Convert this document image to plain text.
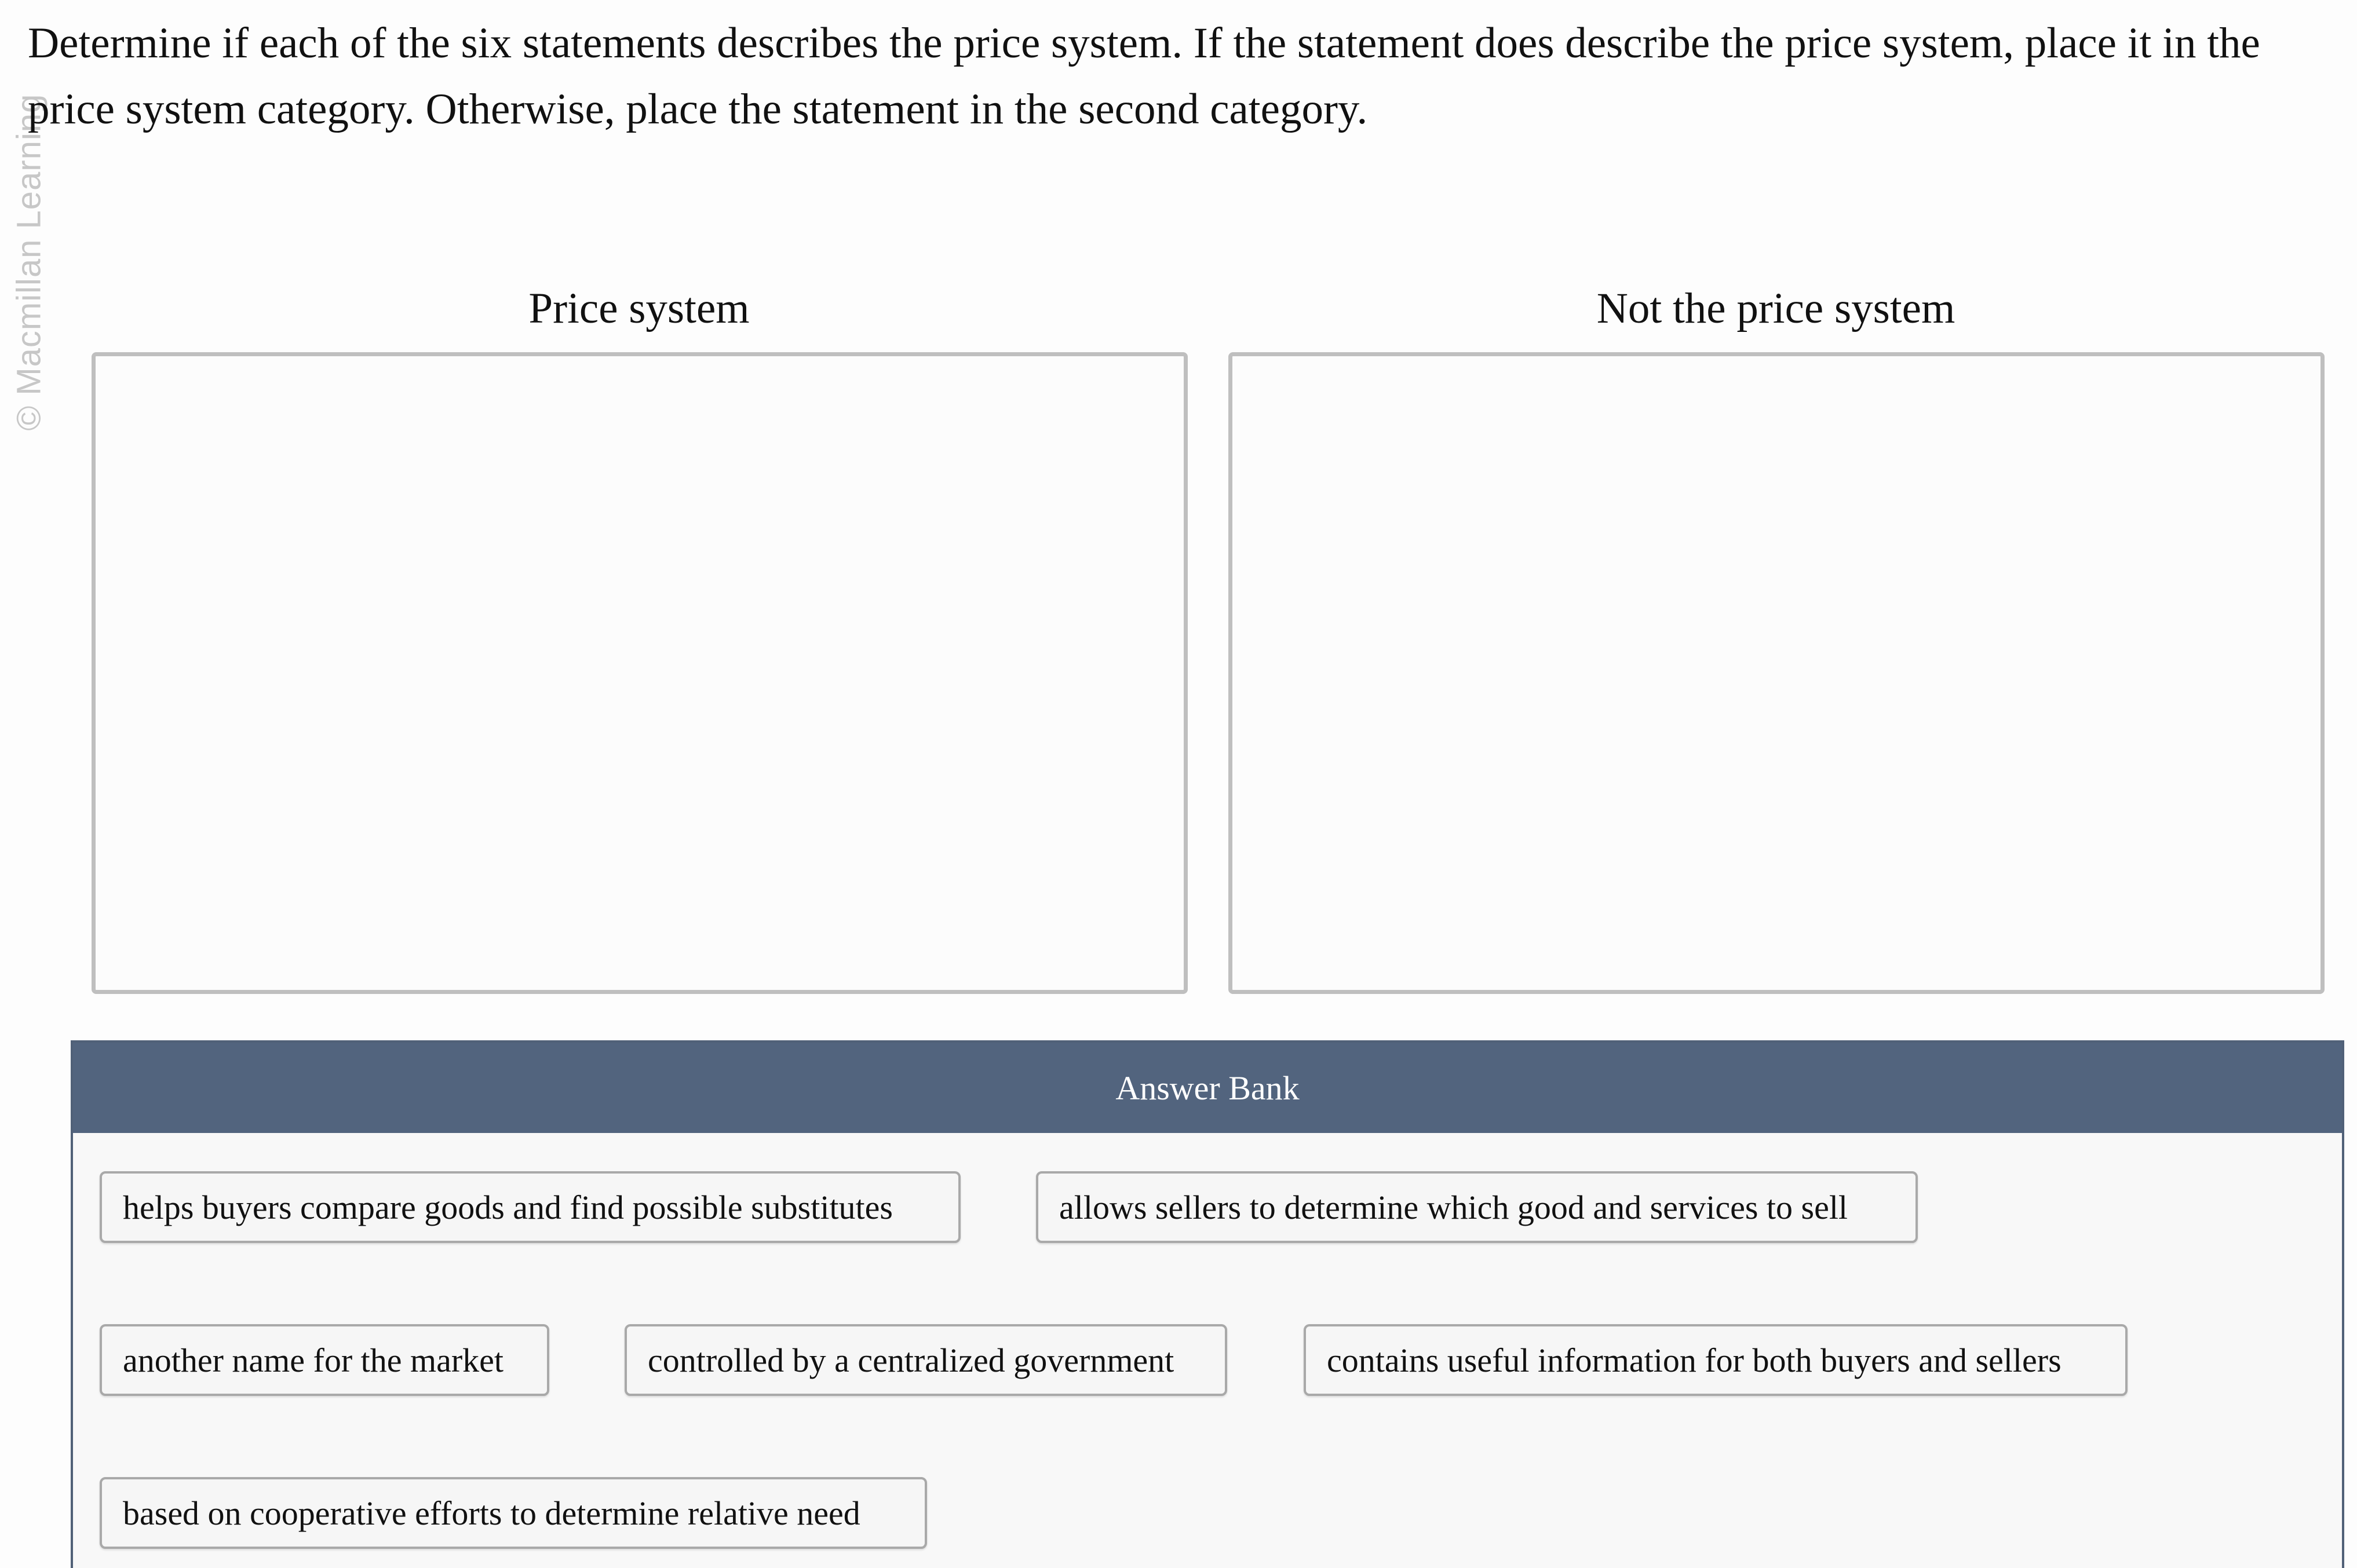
© Macmillan Learning
Determine if each of the six statements describes the price system. If the statement does describe the price system, place it in the price system category. Otherwise, place the statement in the second category.
Price system	Not the price system
Answer Bank
helps buyers compare goods and find possible substitutes	allows sellers to determine which good and services to sell
another name for the market	controlled by a centralized government	contains useful information for both buyers and sellers
based on cooperative efforts to determine relative need
